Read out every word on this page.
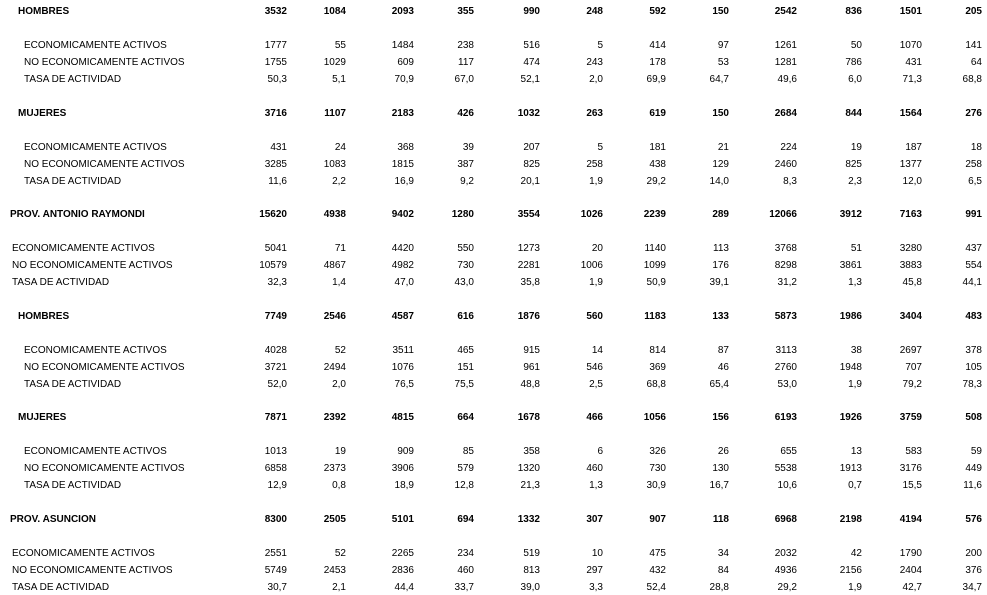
HOMBRES	3532	1084	2093	355	990	248	592	150	2542	836	1501	205
ECONOMICAMENTE ACTIVOS	1777	55	1484	238	516	5	414	97	1261	50	1070	141
NO ECONOMICAMENTE ACTIVOS	1755	1029	609	117	474	243	178	53	1281	786	431	64
TASA DE ACTIVIDAD	50,3	5,1	70,9	67,0	52,1	2,0	69,9	64,7	49,6	6,0	71,3	68,8
MUJERES	3716	1107	2183	426	1032	263	619	150	2684	844	1564	276
ECONOMICAMENTE ACTIVOS	431	24	368	39	207	5	181	21	224	19	187	18
NO ECONOMICAMENTE ACTIVOS	3285	1083	1815	387	825	258	438	129	2460	825	1377	258
TASA DE ACTIVIDAD	11,6	2,2	16,9	9,2	20,1	1,9	29,2	14,0	8,3	2,3	12,0	6,5
PROV. ANTONIO RAYMONDI	15620	4938	9402	1280	3554	1026	2239	289	12066	3912	7163	991
ECONOMICAMENTE ACTIVOS	5041	71	4420	550	1273	20	1140	113	3768	51	3280	437
NO ECONOMICAMENTE ACTIVOS	10579	4867	4982	730	2281	1006	1099	176	8298	3861	3883	554
TASA DE ACTIVIDAD	32,3	1,4	47,0	43,0	35,8	1,9	50,9	39,1	31,2	1,3	45,8	44,1
HOMBRES	7749	2546	4587	616	1876	560	1183	133	5873	1986	3404	483
ECONOMICAMENTE ACTIVOS	4028	52	3511	465	915	14	814	87	3113	38	2697	378
NO ECONOMICAMENTE ACTIVOS	3721	2494	1076	151	961	546	369	46	2760	1948	707	105
TASA DE ACTIVIDAD	52,0	2,0	76,5	75,5	48,8	2,5	68,8	65,4	53,0	1,9	79,2	78,3
MUJERES	7871	2392	4815	664	1678	466	1056	156	6193	1926	3759	508
ECONOMICAMENTE ACTIVOS	1013	19	909	85	358	6	326	26	655	13	583	59
NO ECONOMICAMENTE ACTIVOS	6858	2373	3906	579	1320	460	730	130	5538	1913	3176	449
TASA DE ACTIVIDAD	12,9	0,8	18,9	12,8	21,3	1,3	30,9	16,7	10,6	0,7	15,5	11,6
PROV. ASUNCION	8300	2505	5101	694	1332	307	907	118	6968	2198	4194	576
ECONOMICAMENTE ACTIVOS	2551	52	2265	234	519	10	475	34	2032	42	1790	200
NO ECONOMICAMENTE ACTIVOS	5749	2453	2836	460	813	297	432	84	4936	2156	2404	376
TASA DE ACTIVIDAD	30,7	2,1	44,4	33,7	39,0	3,3	52,4	28,8	29,2	1,9	42,7	34,7
